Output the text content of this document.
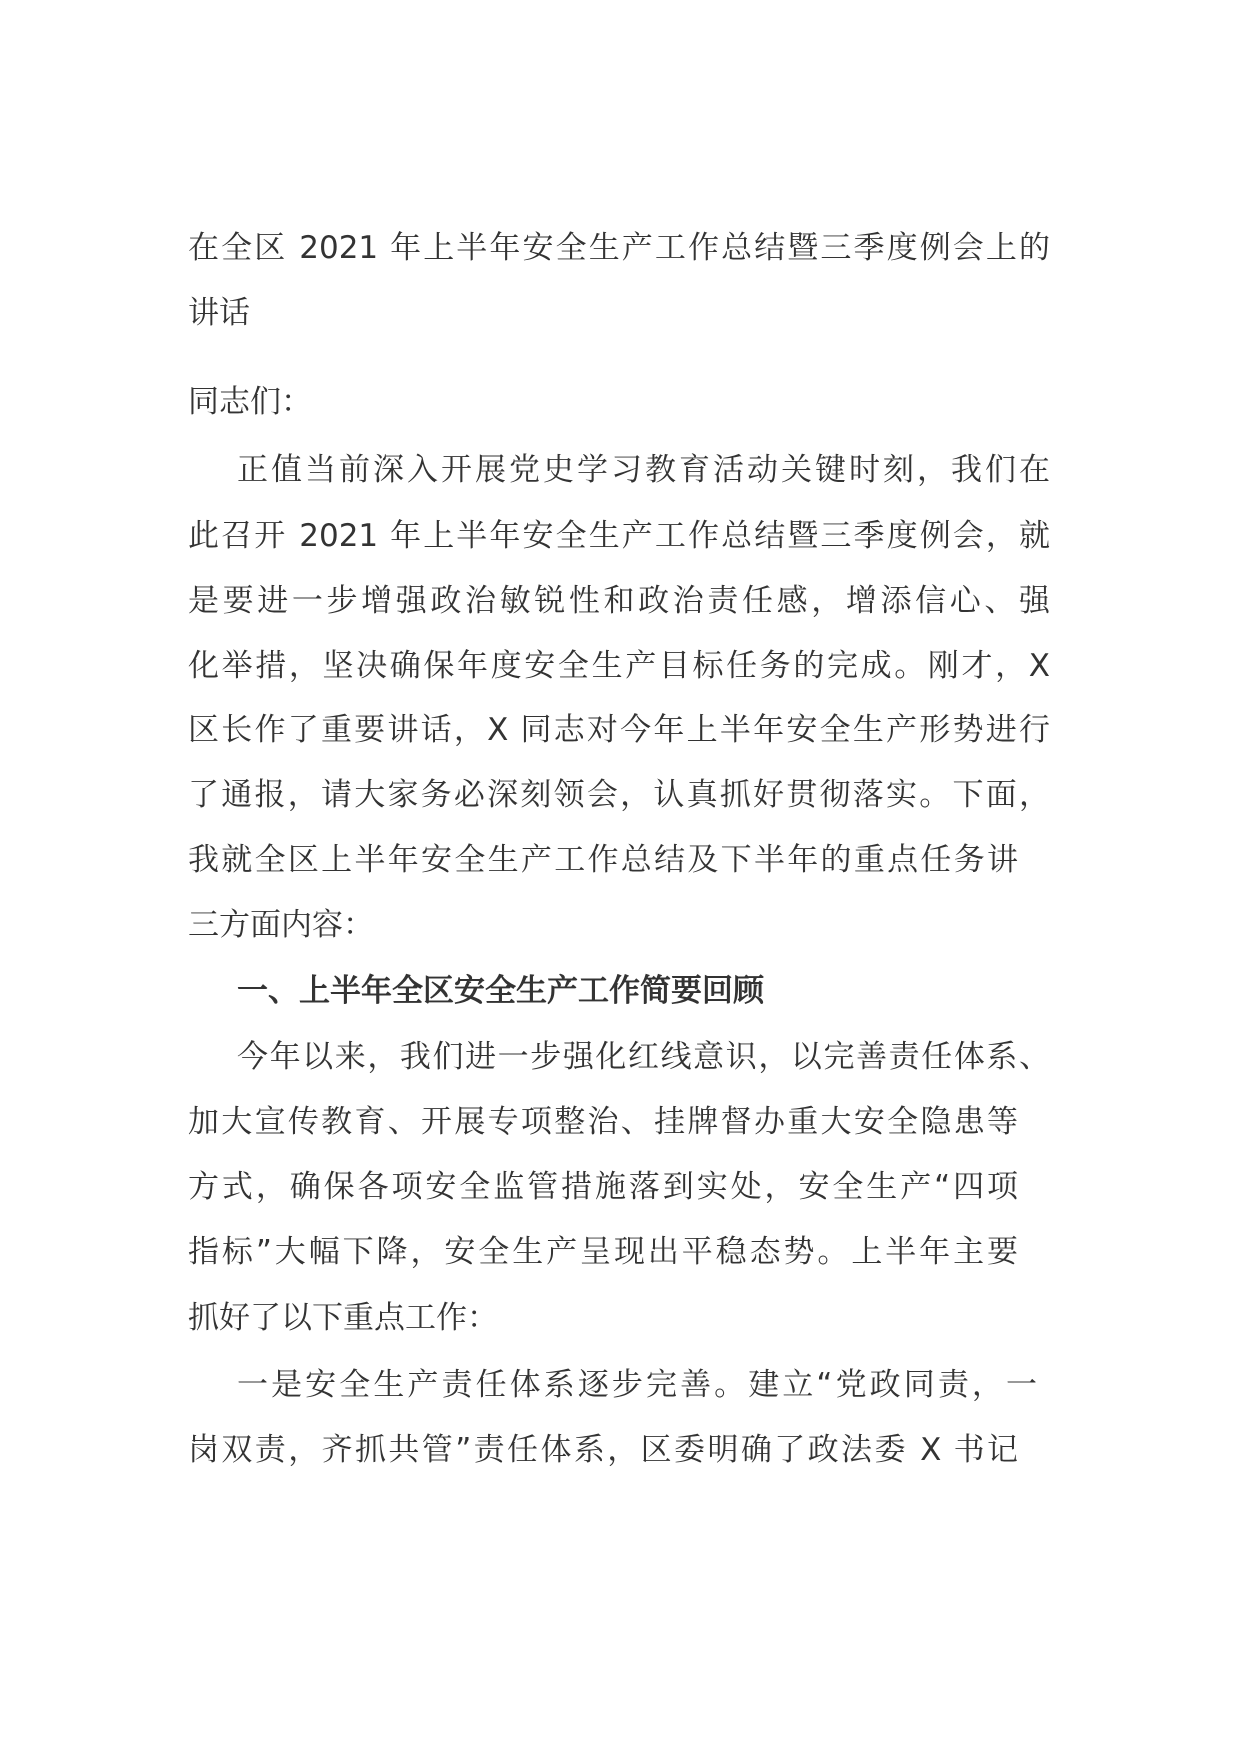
在全区 2021 年上半年安全生产工作总结暨三季度例会上的
讲话
同志们：
正值当前深入开展党史学习教育活动关键时刻，我们在
此召开 2021 年上半年安全生产工作总结暨三季度例会，就
是要进一步增强政治敏锐性和政治责任感，增添信心、强
化举措，坚决确保年度安全生产目标任务的完成。刚才，X
区长作了重要讲话，X 同志对今年上半年安全生产形势进行
了通报，请大家务必深刻领会，认真抓好贯彻落实。下面，
我就全区上半年安全生产工作总结及下半年的重点任务讲
三方面内容：
一、上半年全区安全生产工作简要回顾
今年以来，我们进一步强化红线意识，以完善责任体系、
加大宣传教育、开展专项整治、挂牌督办重大安全隐患等
方式，确保各项安全监管措施落到实处，安全生产“四项
指标”大幅下降，安全生产呈现出平稳态势。上半年主要
抓好了以下重点工作：
一是安全生产责任体系逐步完善。建立“党政同责，一
岗双责，齐抓共管”责任体系，区委明确了政法委 X 书记
